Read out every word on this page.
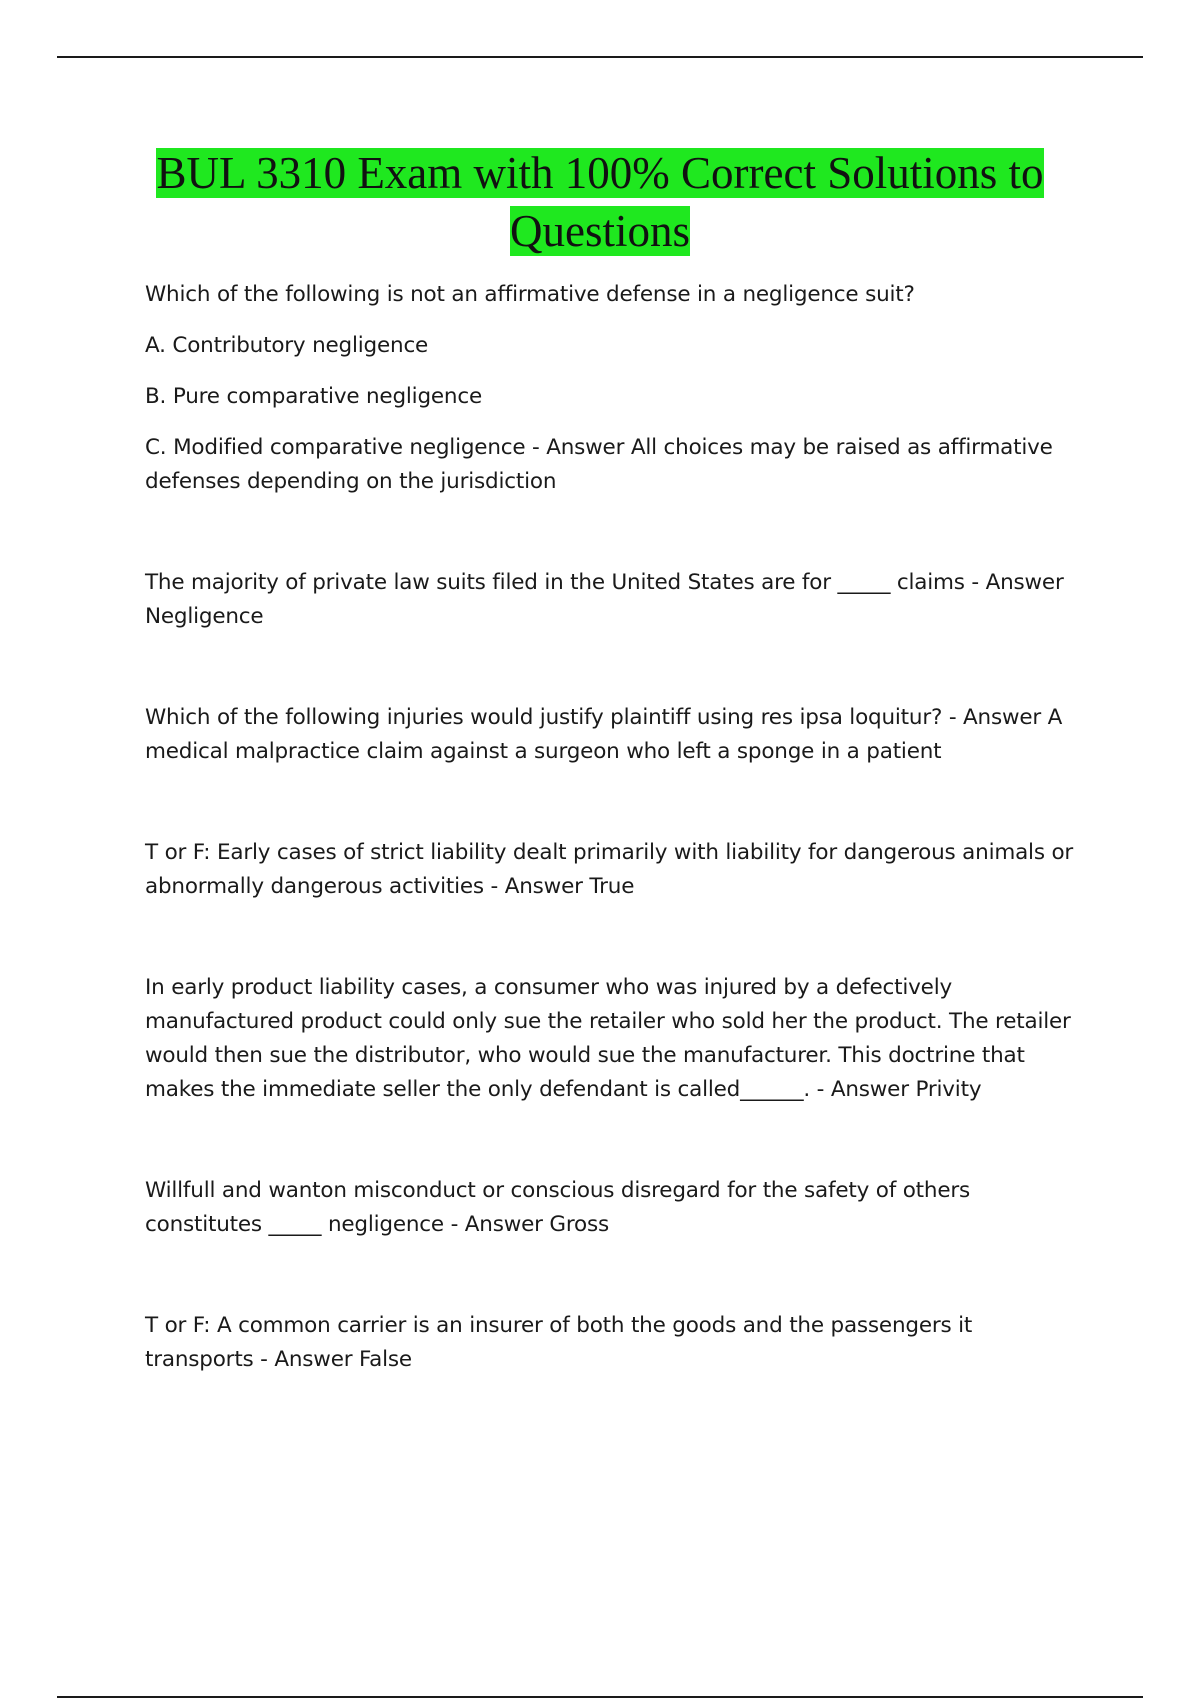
BUL 3310 Exam with 100% Correct Solutions to Questions

Which of the following is not an affirmative defense in a negligence suit?

A. Contributory negligence

B. Pure comparative negligence

C. Modified comparative negligence - Answer All choices may be raised as affirmative defenses depending on the jurisdiction

The majority of private law suits filed in the United States are for _____ claims - Answer Negligence

Which of the following injuries would justify plaintiff using res ipsa loquitur? - Answer A medical malpractice claim against a surgeon who left a sponge in a patient

T or F: Early cases of strict liability dealt primarily with liability for dangerous animals or abnormally dangerous activities - Answer True

In early product liability cases, a consumer who was injured by a defectively manufactured product could only sue the retailer who sold her the product. The retailer would then sue the distributor, who would sue the manufacturer. This doctrine that makes the immediate seller the only defendant is called______. - Answer Privity

Willfull and wanton misconduct or conscious disregard for the safety of others constitutes _____ negligence - Answer Gross

T or F: A common carrier is an insurer of both the goods and the passengers it transports - Answer False
